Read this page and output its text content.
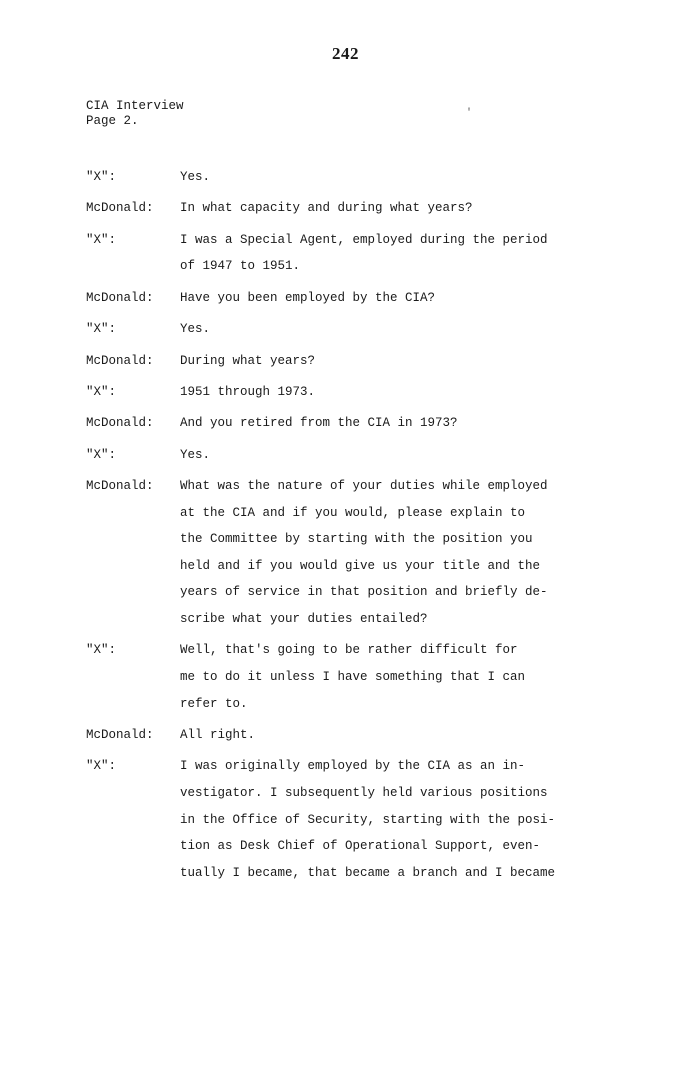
242
CIA Interview
Page 2.
'
"X":	Yes.
McDonald:	In what capacity and during what years?
"X":	I was a Special Agent, employed during the period
of 1947 to 1951.
McDonald:	Have you been employed by the CIA?
"X":	Yes.
McDonald:	During what years?
"X":	1951 through 1973.
McDonald:	And you retired from the CIA in 1973?
"X":	Yes.
McDonald:	What was the nature of your duties while employed
at the CIA and if you would, please explain to
the Committee by starting with the position you
held and if you would give us your title and the
years of service in that position and briefly de-
scribe what your duties entailed?
"X":	Well, that's going to be rather difficult for
me to do it unless I have something that I can
refer to.
McDonald:	All right.
"X":	I was originally employed by the CIA as an in-
vestigator. I subsequently held various positions
in the Office of Security, starting with the posi-
tion as Desk Chief of Operational Support, even-
tually I became, that became a branch and I became
